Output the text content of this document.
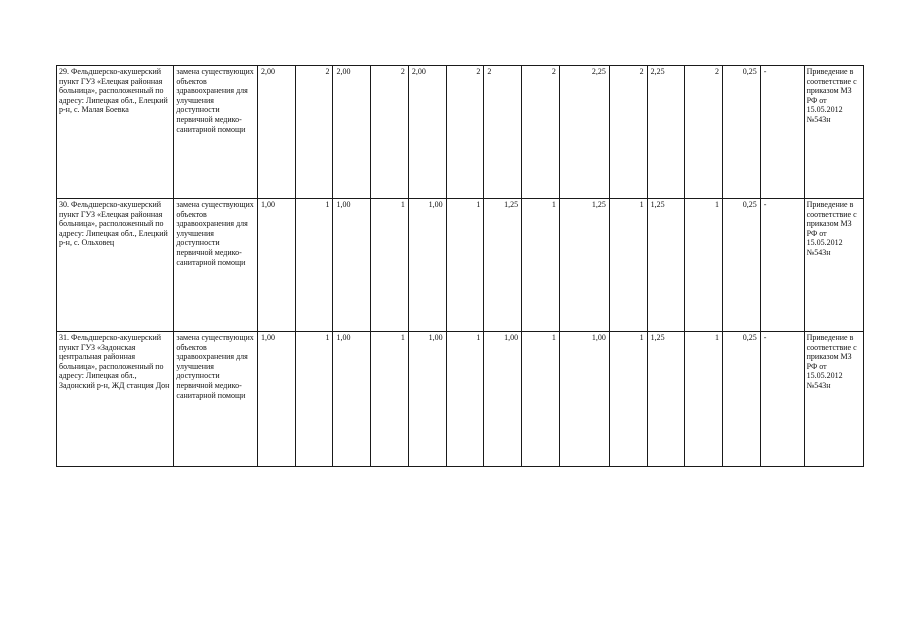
29. Фельдшерско-акушерский пункт ГУЗ «Елецкая районная больница», расположенный по адресу: Липецкая обл., Елецкий р-н, с. Малая Боевка	замена существующих объектов здравоохранения для улучшения доступности первичной медико-санитарной помощи	2,00	2	2,00	2	2,00	2	2	2	2,25	2	2,25	2	0,25	-	Приведение в соответствие с приказом МЗ РФ от 15.05.2012 №543н
30. Фельдшерско-акушерский пункт ГУЗ «Елецкая районная больница», расположенный по адресу: Липецкая обл., Елецкий р-н, с. Ольховец	замена существующих объектов здравоохранения для улучшения доступности первичной медико-санитарной помощи	1,00	1	1,00	1	1,00	1	1,25	1	1,25	1	1,25	1	0,25	-	Приведение в соответствие с приказом МЗ РФ от 15.05.2012 №543н
31. Фельдшерско-акушерский пункт ГУЗ «Задонская центральная районная больница», расположенный по адресу: Липецкая обл., Задонский р-н, ЖД станция Дон	замена существующих объектов здравоохранения для улучшения доступности первичной медико-санитарной помощи	1,00	1	1,00	1	1,00	1	1,00	1	1,00	1	1,25	1	0,25	-	Приведение в соответствие с приказом МЗ РФ от 15.05.2012 №543н
